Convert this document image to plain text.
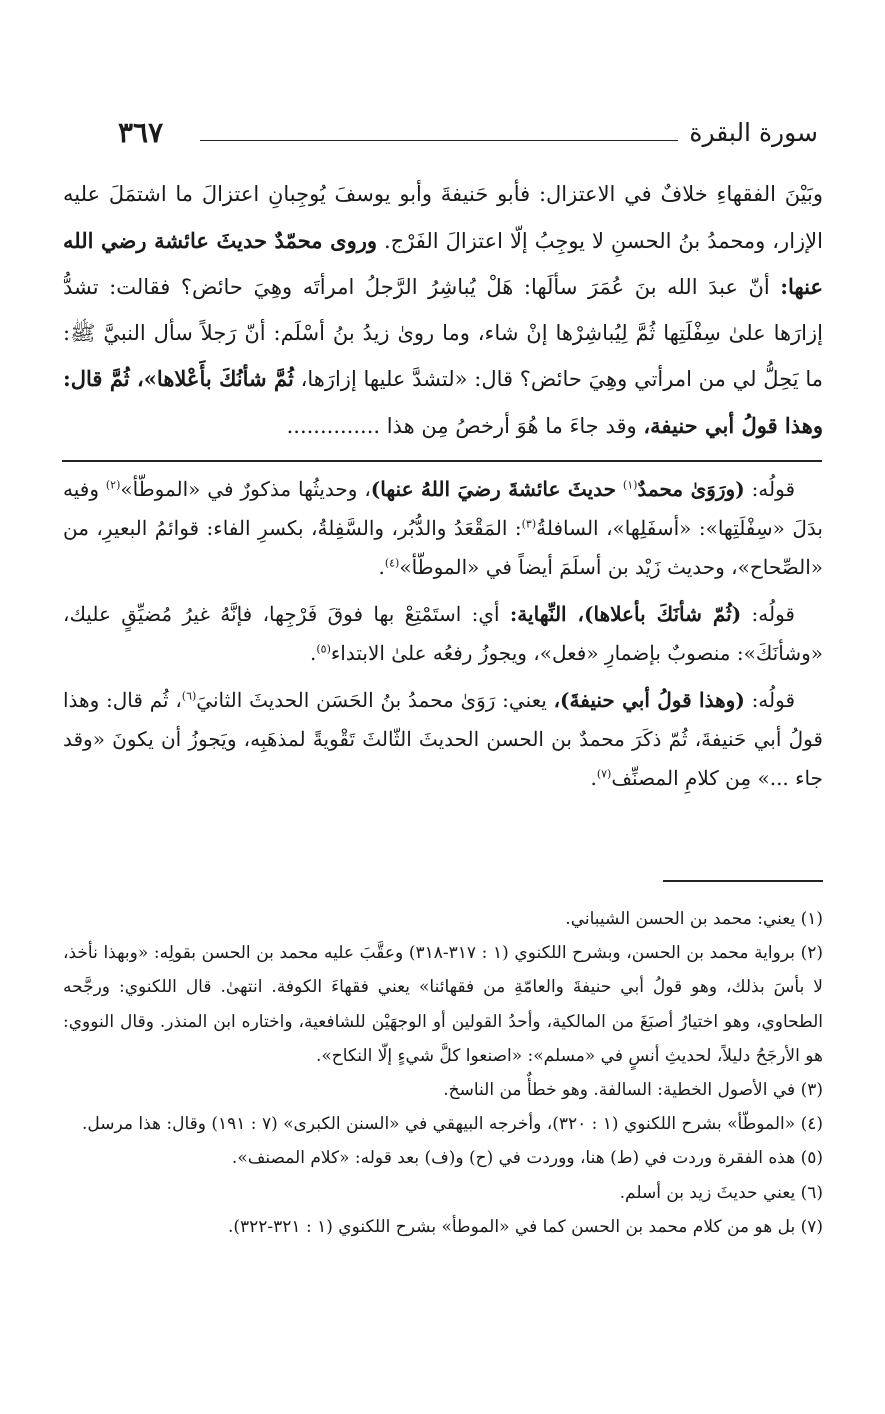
سورة البقرة
٣٦٧

وبَيْنَ الفقهاءِ خلافٌ في الاعتزال: فأبو حَنيفةَ وأبو يوسفَ يُوجِبانِ اعتزالَ ما اشتمَلَ عليه الإزار، ومحمدُ بنُ الحسنِ لا يوجِبُ إلّا اعتزالَ الفَرْج. وروى محمّدٌ حديثَ عائشة رضي الله عنها: أنّ عبدَ الله بنَ عُمَرَ سألَها: هَلْ يُباشِرُ الرَّجلُ امرأتَه وهِيَ حائض؟ فقالت: تشدُّ إزارَها علىٰ سِفْلَتِها ثُمَّ لِيُباشِرْها إنْ شاء، وما روىٰ زيدُ بنُ أسْلَم: أنّ رَجلاً سأل النبيَّ ﷺ: ما يَحِلُّ لي من امرأتي وهِيَ حائض؟ قال: «لتشدَّ عليها إزارَها، ثُمَّ شأنُكَ بأَعْلاها»، ثُمَّ قال: وهذا قولُ أبي حنيفة، وقد جاءَ ما هُوَ أرخصُ مِن هذا ..............

قولُه: (ورَوَىٰ محمدٌ$^{(١)}$ حديثَ عائشةَ رضيَ اللهُ عنها)، وحديثُها مذكورٌ في «الموطّأ»$^{(٢)}$ وفيه بدَلَ «سِفْلَتِها»: «أسفَلِها»، السافلةُ$^{(٣)}$: المَقْعَدُ والدُّبُر، والسَّفِلةُ، بكسرِ الفاء: قوائمُ البعيرِ، من «الصِّحاح»، وحديث زَيْد بن أسلَمَ أيضاً في «الموطّأ»$^{(٤)}$.

قولُه: (ثُمّ شأنَكَ بأعلاها)، النِّهاية: أي: استَمْتِعْ بها فوقَ فَرْجِها، فإنَّهُ غيرُ مُضيِّقٍ عليك، «وشأنَكَ»: منصوبٌ بإضمارِ «فعل»، ويجوزُ رفعُه علىٰ الابتداء$^{(٥)}$.

قولُه: (وهذا قولُ أبي حنيفةَ)، يعني: رَوَىٰ محمدُ بنُ الحَسَن الحديثَ الثانيَ$^{(٦)}$، ثُم قال: وهذا قولُ أبي حَنيفةَ، ثُمّ ذكَرَ محمدٌ بن الحسن الحديثَ الثّالثَ تَقْويةً لمذهَبِه، ويَجوزُ أن يكونَ «وقد جاء ...» مِن كلامِ المصنِّف$^{(٧)}$.

(١) يعني: محمد بن الحسن الشيباني.

(٢) برواية محمد بن الحسن، وبشرح اللكنوي (١ : ٣١٧-٣١٨) وعقَّبَ عليه محمد بن الحسن بقولِه: «وبهذا نأخذ، لا بأسَ بذلك، وهو قولُ أبي حنيفةَ والعامّةِ من فقهائنا» يعني فقهاءَ الكوفة. انتهىٰ. قال اللكنوي: ورجَّحه الطحاوي، وهو اختيارُ أصبَغَ من المالكية، وأحدُ القولين أو الوجهَيْن للشافعية، واختاره ابن المنذر. وقال النووي: هو الأرجَحُ دليلاً، لحديثِ أنسٍ في «مسلم»: «اصنعوا كلَّ شيءٍ إلّا النكاح».

(٣) في الأصول الخطية: السالفة. وهو خطأٌ من الناسخ.

(٤) «الموطّأ» بشرح اللكنوي (١ : ٣٢٠)، وأخرجه البيهقي في «السنن الكبرى» (٧ : ١٩١) وقال: هذا مرسل.

(٥) هذه الفقرة وردت في (ط) هنا، ووردت في (ح) و(ف) بعد قوله: «كلام المصنف».

(٦) يعني حديثَ زيد بن أسلم.

(٧) بل هو من كلام محمد بن الحسن كما في «الموطأ» بشرح اللكنوي (١ : ٣٢١-٣٢٢).
